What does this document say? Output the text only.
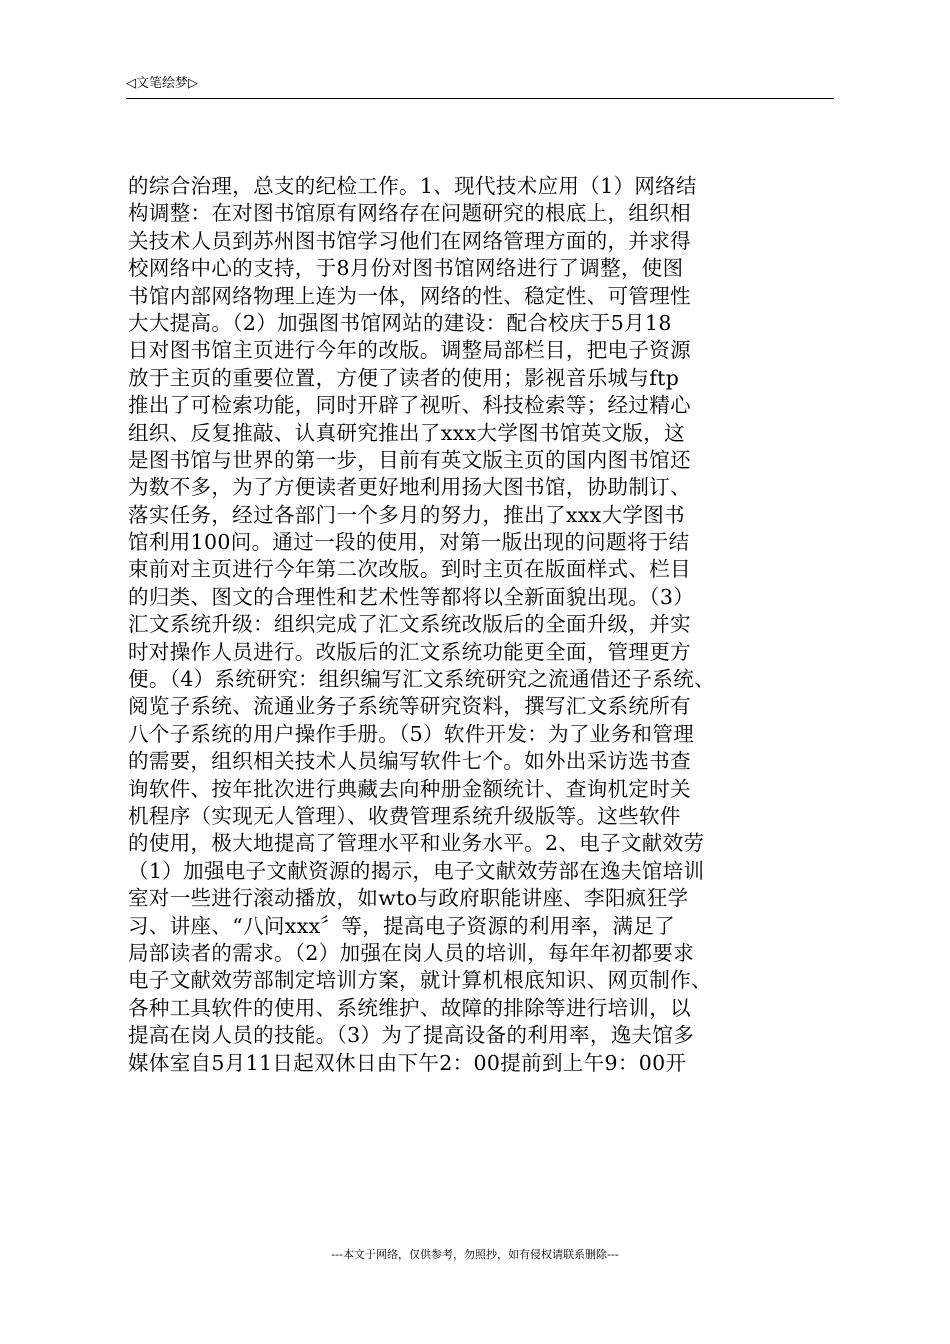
◁文笔绘梦▷
的综合治理，总支的纪检工作。1、现代技术应用（1）网络结
构调整：在对图书馆原有网络存在问题研究的根底上，组织相
关技术人员到苏州图书馆学习他们在网络管理方面的，并求得
校网络中心的支持，于8月份对图书馆网络进行了调整，使图
书馆内部网络物理上连为一体，网络的性、稳定性、可管理性
大大提高。（2）加强图书馆网站的建设：配合校庆于5月18
日对图书馆主页进行今年的改版。调整局部栏目，把电子资源
放于主页的重要位置，方便了读者的使用；影视音乐城与ftp
推出了可检索功能，同时开辟了视听、科技检索等；经过精心
组织、反复推敲、认真研究推出了xxx大学图书馆英文版，这
是图书馆与世界的第一步，目前有英文版主页的国内图书馆还
为数不多，为了方便读者更好地利用扬大图书馆，协助制订、
落实任务，经过各部门一个多月的努力，推出了xxx大学图书
馆利用100问。通过一段的使用，对第一版出现的问题将于结
束前对主页进行今年第二次改版。到时主页在版面样式、栏目
的归类、图文的合理性和艺术性等都将以全新面貌出现。（3）
汇文系统升级：组织完成了汇文系统改版后的全面升级，并实
时对操作人员进行。改版后的汇文系统功能更全面，管理更方
便。（4）系统研究：组织编写汇文系统研究之流通借还子系统、
阅览子系统、流通业务子系统等研究资料，撰写汇文系统所有
八个子系统的用户操作手册。（5）软件开发：为了业务和管理
的需要，组织相关技术人员编写软件七个。如外出采访选书查
询软件、按年批次进行典藏去向种册金额统计、查询机定时关
机程序（实现无人管理）、收费管理系统升级版等。这些软件
的使用，极大地提高了管理水平和业务水平。2、电子文献效劳
（1）加强电子文献资源的揭示，电子文献效劳部在逸夫馆培训
室对一些进行滚动播放，如wto与政府职能讲座、李阳疯狂学
习、讲座、“八问xxx〞等，提高电子资源的利用率，满足了
局部读者的需求。（2）加强在岗人员的培训，每年年初都要求
电子文献效劳部制定培训方案，就计算机根底知识、网页制作、
各种工具软件的使用、系统维护、故障的排除等进行培训，以
提高在岗人员的技能。（3）为了提高设备的利用率，逸夫馆多
媒体室自5月11日起双休日由下午2：00提前到上午9：00开
---本文于网络，仅供参考，勿照抄，如有侵权请联系删除---
